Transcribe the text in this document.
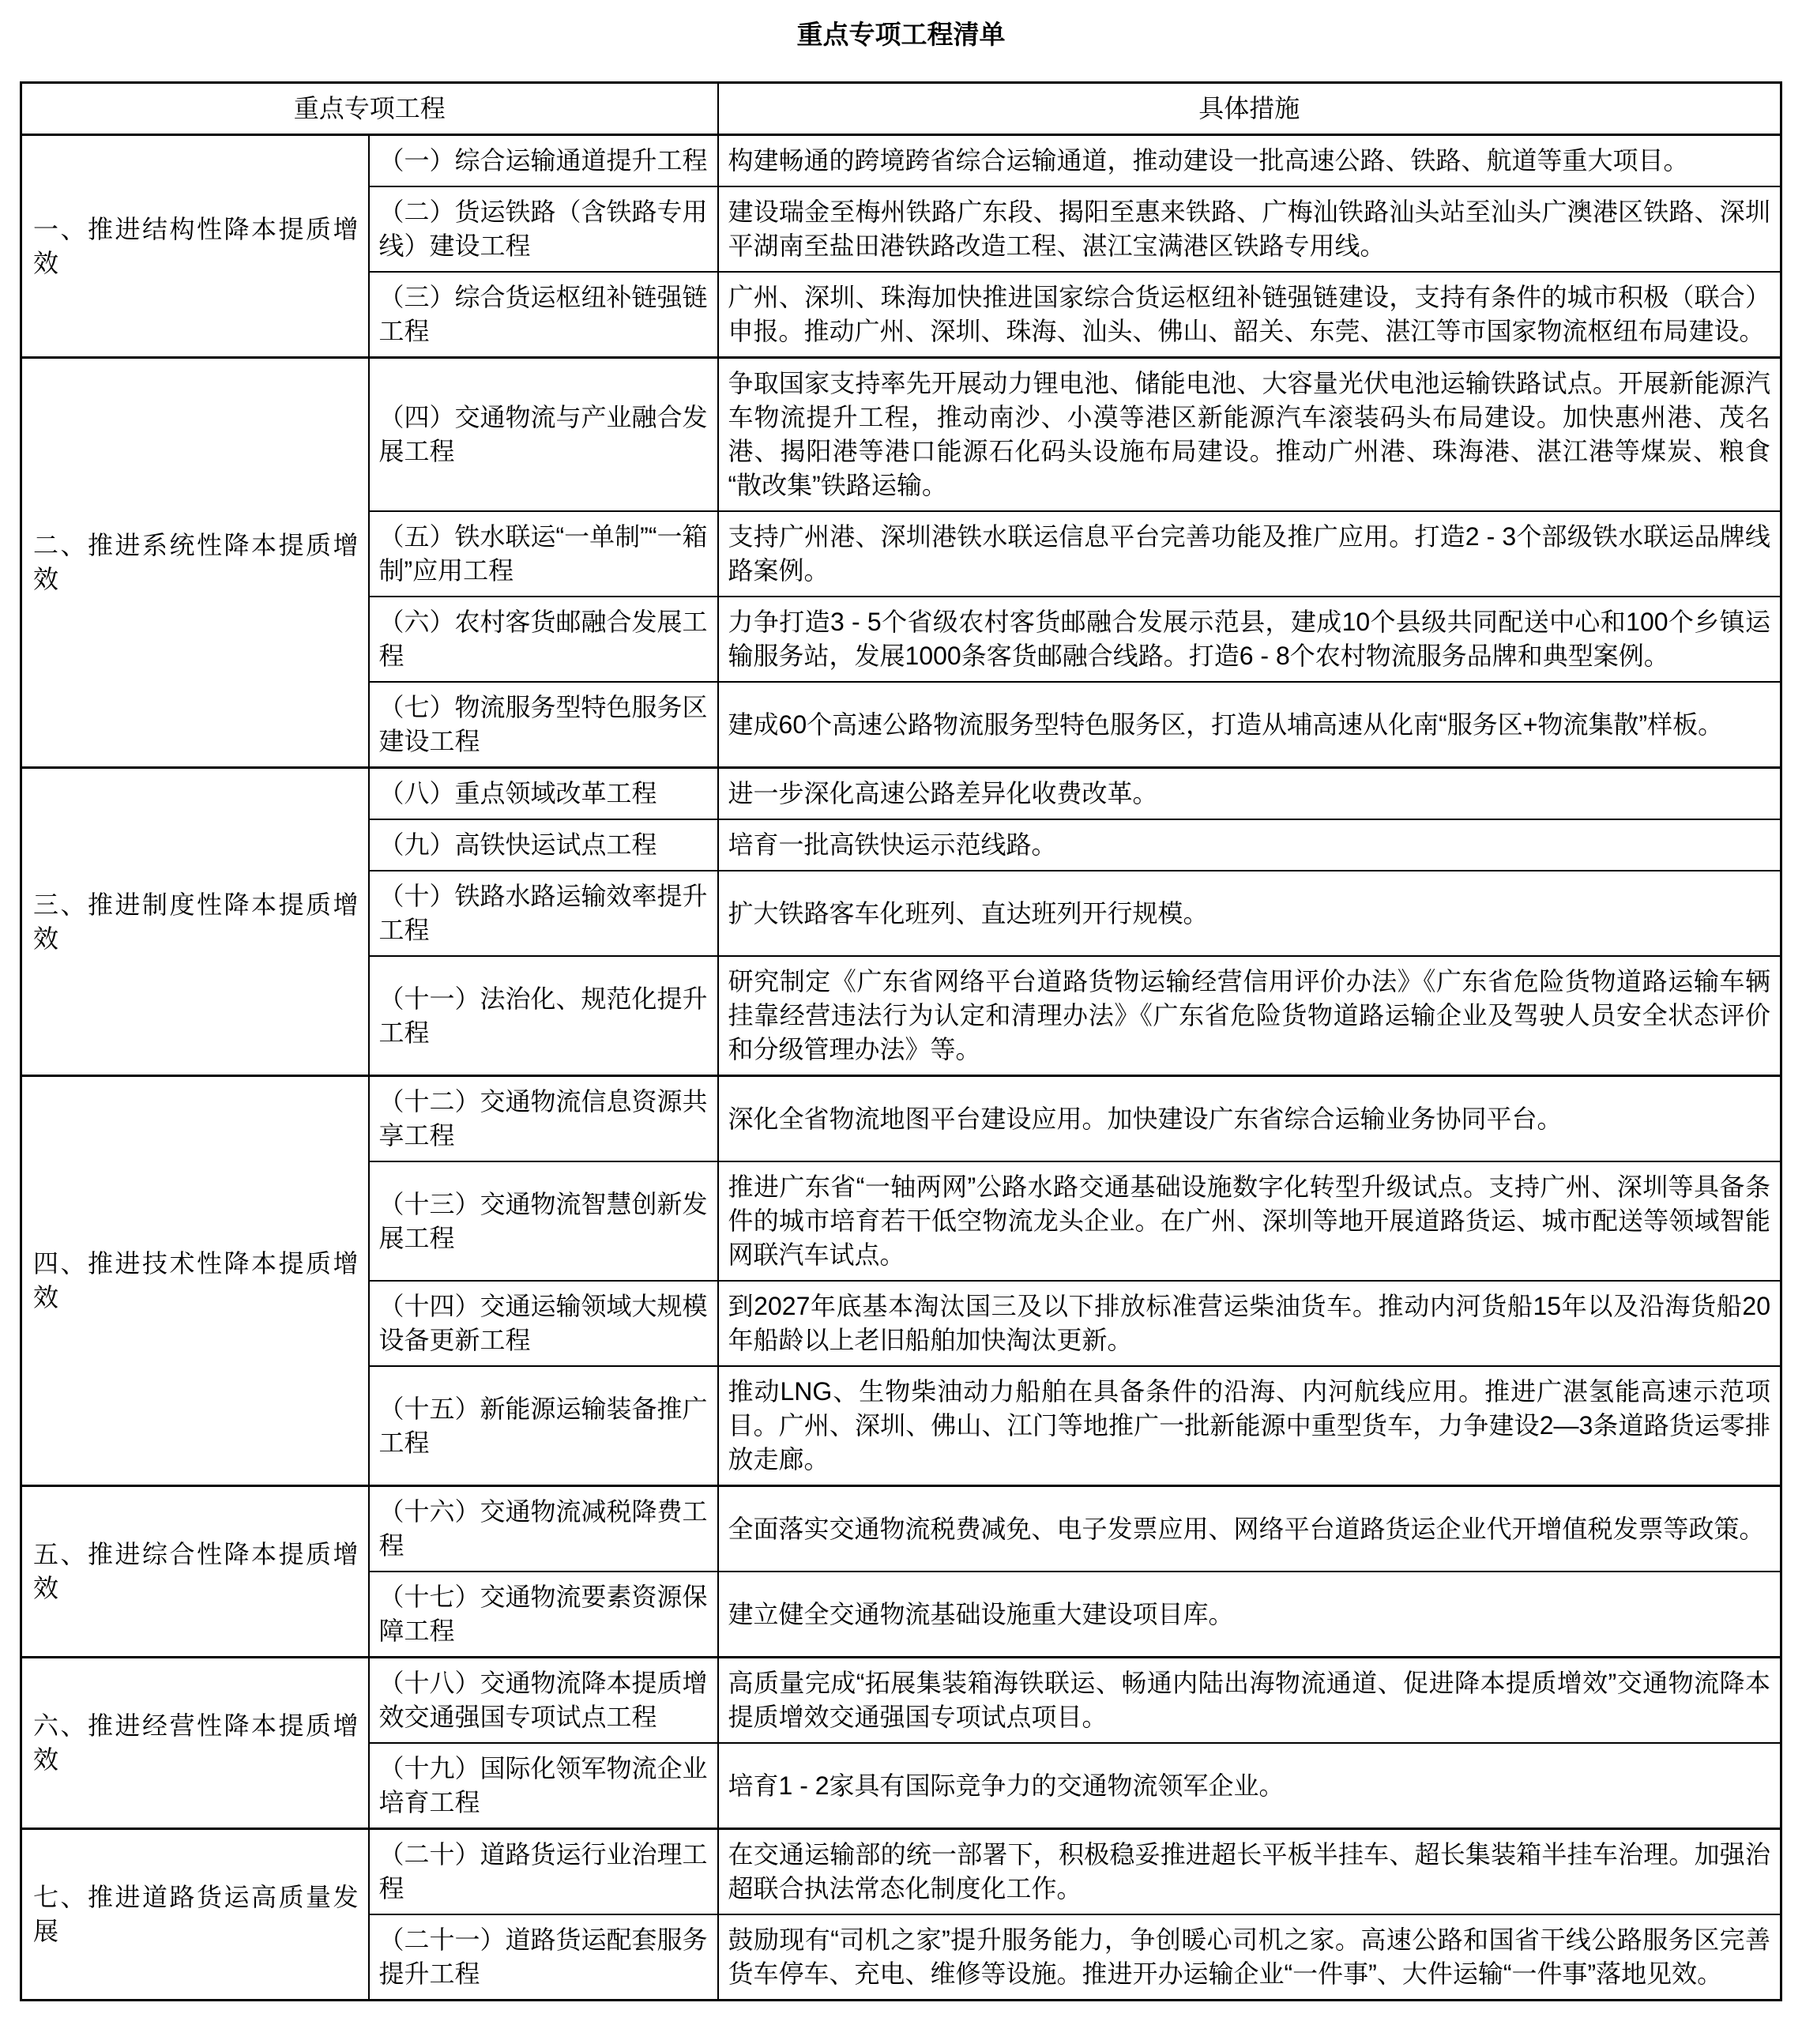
重点专项工程清单
重点专项工程		具体措施
一、推进结构性降本提质增效	（一）综合运输通道提升工程	构建畅通的跨境跨省综合运输通道，推动建设一批高速公路、铁路、航道等重大项目。
	（二）货运铁路（含铁路专用线）建设工程	建设瑞金至梅州铁路广东段、揭阳至惠来铁路、广梅汕铁路汕头站至汕头广澳港区铁路、深圳平湖南至盐田港铁路改造工程、湛江宝满港区铁路专用线。
	（三）综合货运枢纽补链强链工程	广州、深圳、珠海加快推进国家综合货运枢纽补链强链建设，支持有条件的城市积极（联合）申报。推动广州、深圳、珠海、汕头、佛山、韶关、东莞、湛江等市国家物流枢纽布局建设。
二、推进系统性降本提质增效	（四）交通物流与产业融合发展工程	争取国家支持率先开展动力锂电池、储能电池、大容量光伏电池运输铁路试点。开展新能源汽车物流提升工程，推动南沙、小漠等港区新能源汽车滚装码头布局建设。加快惠州港、茂名港、揭阳港等港口能源石化码头设施布局建设。推动广州港、珠海港、湛江港等煤炭、粮食“散改集”铁路运输。
	（五）铁水联运“一单制”“一箱制”应用工程	支持广州港、深圳港铁水联运信息平台完善功能及推广应用。打造2 - 3个部级铁水联运品牌线路案例。
	（六）农村客货邮融合发展工程	力争打造3 - 5个省级农村客货邮融合发展示范县，建成10个县级共同配送中心和100个乡镇运输服务站，发展1000条客货邮融合线路。打造6 - 8个农村物流服务品牌和典型案例。
	（七）物流服务型特色服务区建设工程	建成60个高速公路物流服务型特色服务区，打造从埔高速从化南“服务区+物流集散”样板。
三、推进制度性降本提质增效	（八）重点领域改革工程	进一步深化高速公路差异化收费改革。
	（九）高铁快运试点工程	培育一批高铁快运示范线路。
	（十）铁路水路运输效率提升工程	扩大铁路客车化班列、直达班列开行规模。
	（十一）法治化、规范化提升工程	研究制定《广东省网络平台道路货物运输经营信用评价办法》《广东省危险货物道路运输车辆挂靠经营违法行为认定和清理办法》《广东省危险货物道路运输企业及驾驶人员安全状态评价和分级管理办法》等。
四、推进技术性降本提质增效	（十二）交通物流信息资源共享工程	深化全省物流地图平台建设应用。加快建设广东省综合运输业务协同平台。
	（十三）交通物流智慧创新发展工程	推进广东省“一轴两网”公路水路交通基础设施数字化转型升级试点。支持广州、深圳等具备条件的城市培育若干低空物流龙头企业。在广州、深圳等地开展道路货运、城市配送等领域智能网联汽车试点。
	（十四）交通运输领域大规模设备更新工程	到2027年底基本淘汰国三及以下排放标准营运柴油货车。推动内河货船15年以及沿海货船20年船龄以上老旧船舶加快淘汰更新。
	（十五）新能源运输装备推广工程	推动LNG、生物柴油动力船舶在具备条件的沿海、内河航线应用。推进广湛氢能高速示范项目。广州、深圳、佛山、江门等地推广一批新能源中重型货车，力争建设2—3条道路货运零排放走廊。
五、推进综合性降本提质增效	（十六）交通物流减税降费工程	全面落实交通物流税费减免、电子发票应用、网络平台道路货运企业代开增值税发票等政策。
	（十七）交通物流要素资源保障工程	建立健全交通物流基础设施重大建设项目库。
六、推进经营性降本提质增效	（十八）交通物流降本提质增效交通强国专项试点工程	高质量完成“拓展集装箱海铁联运、畅通内陆出海物流通道、促进降本提质增效”交通物流降本提质增效交通强国专项试点项目。
	（十九）国际化领军物流企业培育工程	培育1 - 2家具有国际竞争力的交通物流领军企业。
七、推进道路货运高质量发展	（二十）道路货运行业治理工程	在交通运输部的统一部署下，积极稳妥推进超长平板半挂车、超长集装箱半挂车治理。加强治超联合执法常态化制度化工作。
	（二十一）道路货运配套服务提升工程	鼓励现有“司机之家”提升服务能力，争创暖心司机之家。高速公路和国省干线公路服务区完善货车停车、充电、维修等设施。推进开办运输企业“一件事”、大件运输“一件事”落地见效。
